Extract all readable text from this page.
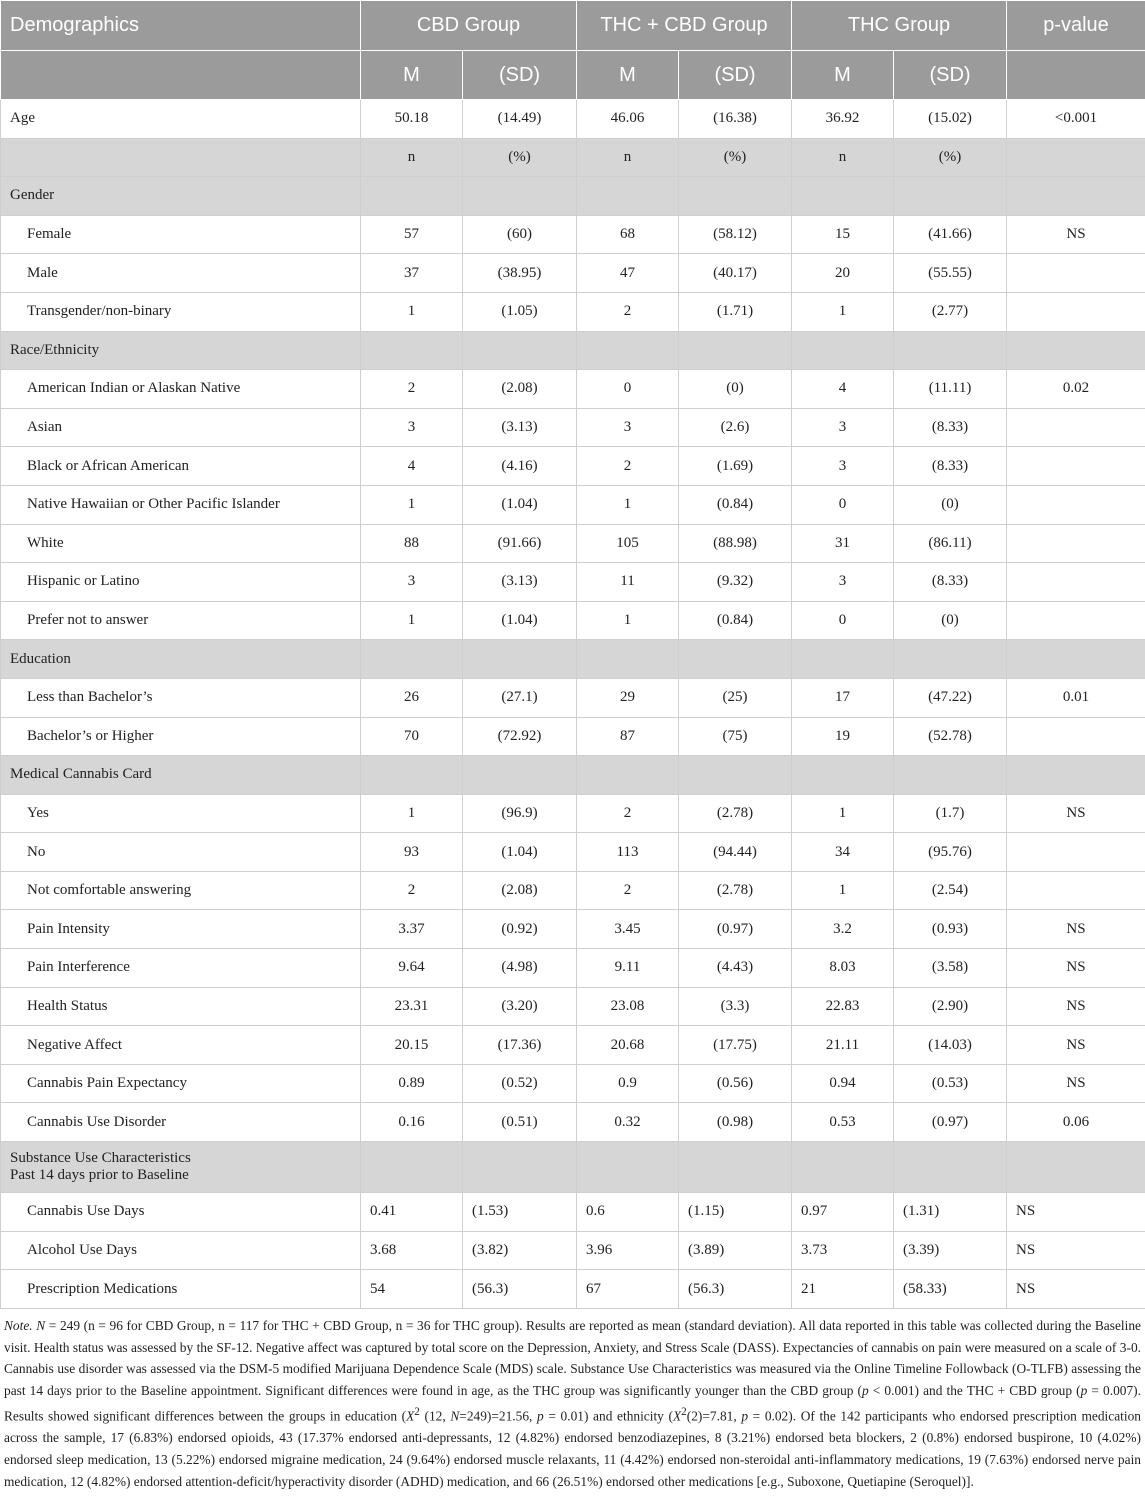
Demographics	CBD Group		THC + CBD Group		THC Group		p-value
	M	(SD)	M	(SD)	M	(SD)	
Age	50.18	(14.49)	46.06	(16.38)	36.92	(15.02)	<0.001
	n	(%)	n	(%)	n	(%)	
Gender							
Female	57	(60)	68	(58.12)	15	(41.66)	NS
Male	37	(38.95)	47	(40.17)	20	(55.55)	
Transgender/non-binary	1	(1.05)	2	(1.71)	1	(2.77)	
Race/Ethnicity							
American Indian or Alaskan Native	2	(2.08)	0	(0)	4	(11.11)	0.02
Asian	3	(3.13)	3	(2.6)	3	(8.33)	
Black or African American	4	(4.16)	2	(1.69)	3	(8.33)	
Native Hawaiian or Other Pacific Islander	1	(1.04)	1	(0.84)	0	(0)	
White	88	(91.66)	105	(88.98)	31	(86.11)	
Hispanic or Latino	3	(3.13)	11	(9.32)	3	(8.33)	
Prefer not to answer	1	(1.04)	1	(0.84)	0	(0)	
Education							
Less than Bachelor’s	26	(27.1)	29	(25)	17	(47.22)	0.01
Bachelor’s or Higher	70	(72.92)	87	(75)	19	(52.78)	
Medical Cannabis Card							
Yes	1	(96.9)	2	(2.78)	1	(1.7)	NS
No	93	(1.04)	113	(94.44)	34	(95.76)	
Not comfortable answering	2	(2.08)	2	(2.78)	1	(2.54)	
Pain Intensity	3.37	(0.92)	3.45	(0.97)	3.2	(0.93)	NS
Pain Interference	9.64	(4.98)	9.11	(4.43)	8.03	(3.58)	NS
Health Status	23.31	(3.20)	23.08	(3.3)	22.83	(2.90)	NS
Negative Affect	20.15	(17.36)	20.68	(17.75)	21.11	(14.03)	NS
Cannabis Pain Expectancy	0.89	(0.52)	0.9	(0.56)	0.94	(0.53)	NS
Cannabis Use Disorder	0.16	(0.51)	0.32	(0.98)	0.53	(0.97)	0.06
Substance Use Characteristics
Past 14 days prior to Baseline							
Cannabis Use Days	0.41	(1.53)	0.6	(1.15)	0.97	(1.31)	NS
Alcohol Use Days	3.68	(3.82)	3.96	(3.89)	3.73	(3.39)	NS
Prescription Medications	54	(56.3)	67	(56.3)	21	(58.33)	NS
Note. N = 249 (n = 96 for CBD Group, n = 117 for THC + CBD Group, n = 36 for THC group). Results are reported as mean (standard deviation). All data reported in this table was collected during the Baseline visit. Health status was assessed by the SF-12. Negative affect was captured by total score on the Depression, Anxiety, and Stress Scale (DASS). Expectancies of cannabis on pain were measured on a scale of 3-0. Cannabis use disorder was assessed via the DSM-5 modified Marijuana Dependence Scale (MDS) scale. Substance Use Characteristics was measured via the Online Timeline Followback (O-TLFB) assessing the past 14 days prior to the Baseline appointment. Significant differences were found in age, as the THC group was significantly younger than the CBD group (p < 0.001) and the THC + CBD group (p = 0.007). Results showed significant differences between the groups in education ($X^2$ (12, N=249)=21.56, p = 0.01) and ethnicity ($X^2(2)=7.81$, p = 0.02). Of the 142 participants who endorsed prescription medication across the sample, 17 (6.83%) endorsed opioids, 43 (17.37% endorsed anti-depressants, 12 (4.82%) endorsed benzodiazepines, 8 (3.21%) endorsed beta blockers, 2 (0.8%) endorsed buspirone, 10 (4.02%) endorsed sleep medication, 13 (5.22%) endorsed migraine medication, 24 (9.64%) endorsed muscle relaxants, 11 (4.42%) endorsed non-steroidal anti-inflammatory medications, 19 (7.63%) endorsed nerve pain medication, 12 (4.82%) endorsed attention-deficit/hyperactivity disorder (ADHD) medication, and 66 (26.51%) endorsed other medications [e.g., Suboxone, Quetiapine (Seroquel)].
